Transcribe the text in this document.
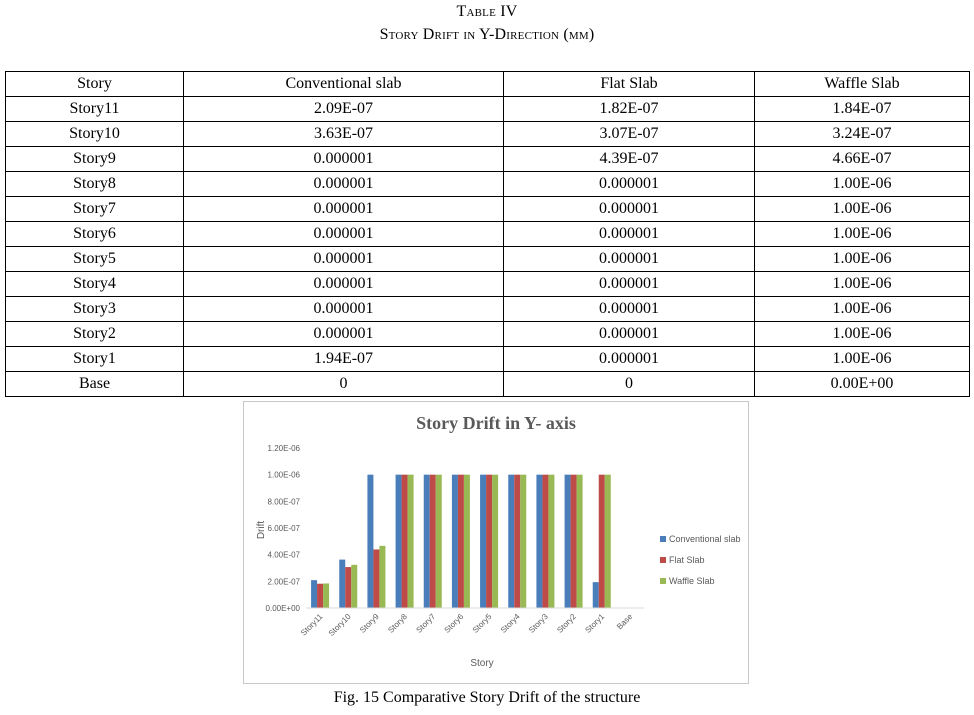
Table IV
Story Drift in Y-Direction (mm)
Story	Conventional slab	Flat Slab	Waffle Slab
Story11	2.09E-07	1.82E-07	1.84E-07
Story10	3.63E-07	3.07E-07	3.24E-07
Story9	0.000001	4.39E-07	4.66E-07
Story8	0.000001	0.000001	1.00E-06
Story7	0.000001	0.000001	1.00E-06
Story6	0.000001	0.000001	1.00E-06
Story5	0.000001	0.000001	1.00E-06
Story4	0.000001	0.000001	1.00E-06
Story3	0.000001	0.000001	1.00E-06
Story2	0.000001	0.000001	1.00E-06
Story1	1.94E-07	0.000001	1.00E-06
Base	0	0	0.00E+00
Story Drift in Y- axis
0.00E+00
2.00E-07
4.00E-07
6.00E-07
8.00E-07
1.00E-06
1.20E-06
Story11 Story10 Story9 Story8 Story7 Story6 Story5 Story4 Story3 Story2 Story1 Base
Drift
Story
Conventional slab
Flat Slab
Waffle Slab
Fig. 15 Comparative Story Drift of the structure
